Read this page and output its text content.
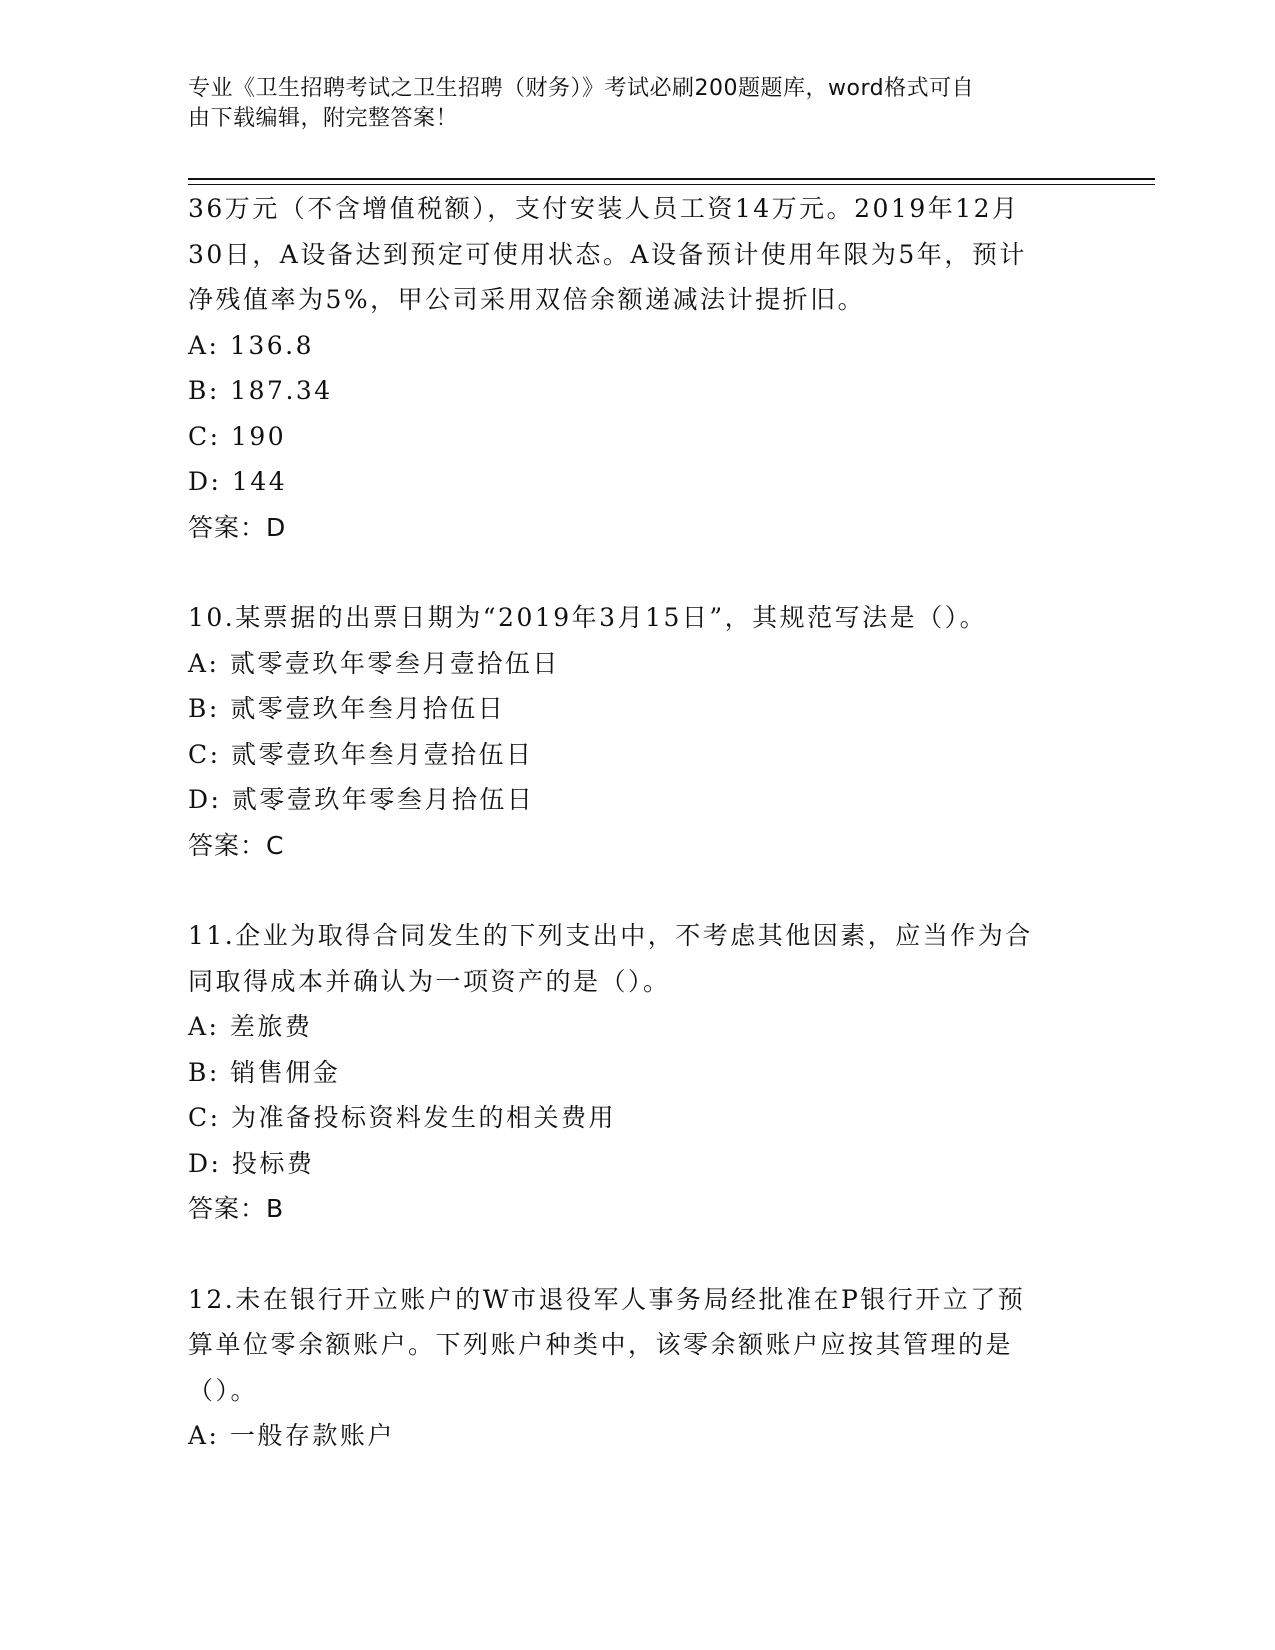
专业《卫生招聘考试之卫生招聘（财务）》考试必刷200题题库，word格式可自
由下载编辑，附完整答案！
36万元（不含增值税额），支付安装人员工资14万元。2019年12月
30日，A设备达到预定可使用状态。A设备预计使用年限为5年，预计
净残值率为5%，甲公司采用双倍余额递减法计提折旧。
A: 136.8
B: 187.34
C: 190
D: 144
答案：D
10.某票据的出票日期为“2019年3月15日”，其规范写法是（）。
A: 贰零壹玖年零叁月壹拾伍日
B: 贰零壹玖年叁月拾伍日
C: 贰零壹玖年叁月壹拾伍日
D: 贰零壹玖年零叁月拾伍日
答案：C
11.企业为取得合同发生的下列支出中，不考虑其他因素，应当作为合
同取得成本并确认为一项资产的是（）。
A: 差旅费
B: 销售佣金
C: 为准备投标资料发生的相关费用
D: 投标费
答案：B
12.未在银行开立账户的W市退役军人事务局经批准在P银行开立了预
算单位零余额账户。下列账户种类中，该零余额账户应按其管理的是
（）。
A: 一般存款账户
